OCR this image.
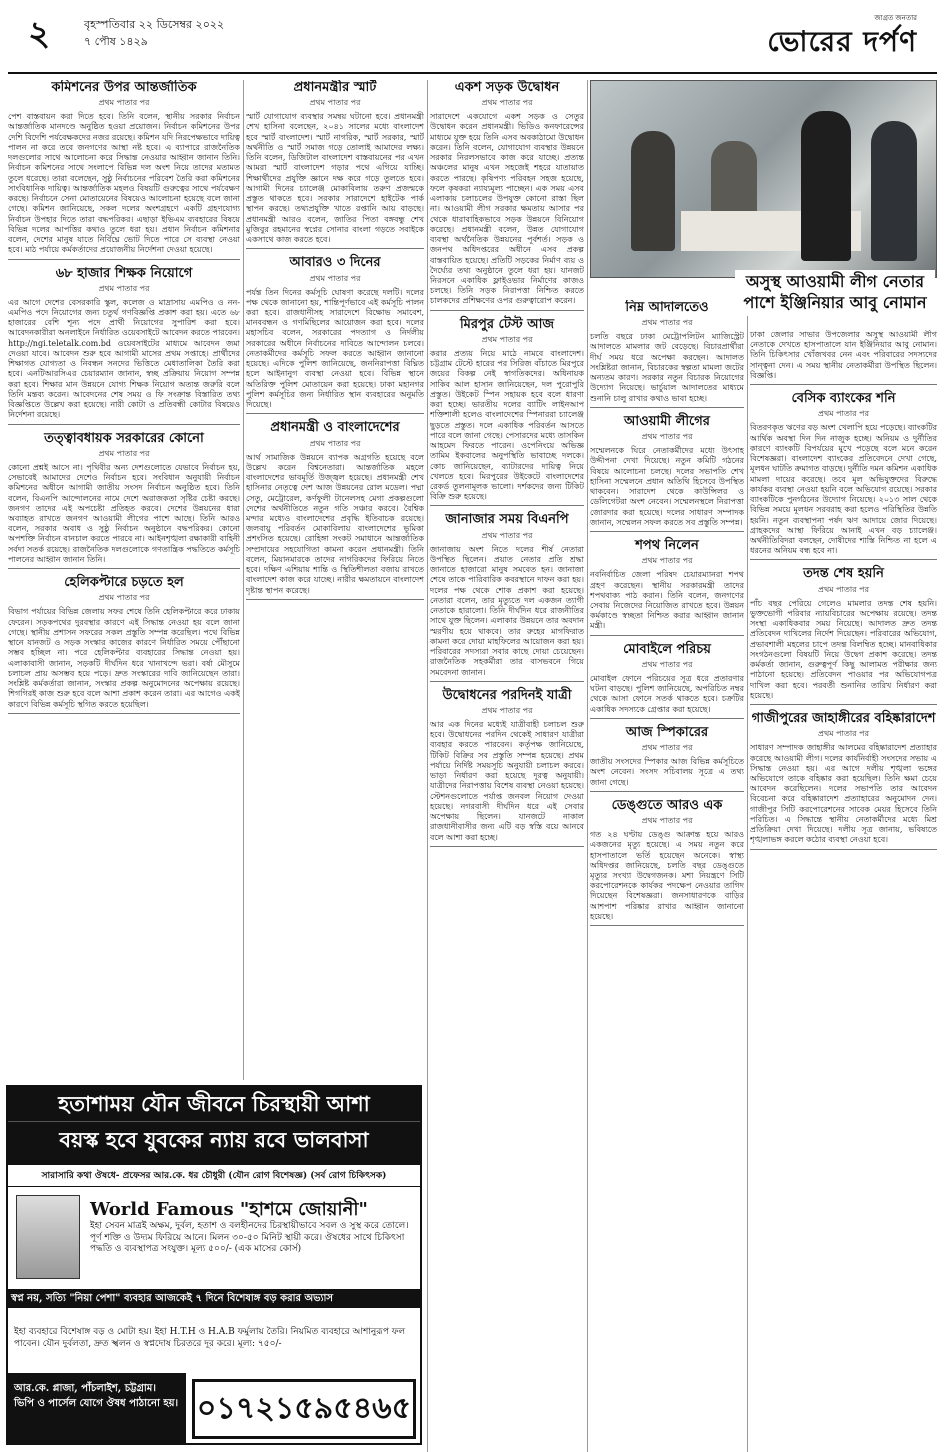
২	বৃহস্পতিবার ২২ ডিসেম্বর ২০২২
৭ পৌষ ১৪২৯
জাগ্রত জনতার
ভোরের দর্পণ
কমিশনের উপর আন্তর্জাতিক
প্রথম পাতার পর
পেশ বাস্তবায়ন করা দিতে হবে। তিনি বলেন, স্থানীয় সরকার নির্বাচন আন্তর্জাতিক মানদণ্ডে অনুষ্ঠিত হওয়া প্রয়োজন। নির্বাচন কমিশনের উপর দেশি বিদেশি পর্যবেক্ষকদের নজর রয়েছে। কমিশন যদি নিরপেক্ষভাবে দায়িত্ব পালন না করে তবে জনগণের আস্থা নষ্ট হবে। এ ব্যাপারে রাজনৈতিক দলগুলোর সাথে আলোচনা করে সিদ্ধান্ত নেওয়ার আহ্বান জানান তিনি। নির্বাচন কমিশনের সাথে সংলাপে বিভিন্ন দল অংশ নিয়ে তাদের মতামত তুলে ধরেছে। তারা বলেছেন, সুষ্ঠু নির্বাচনের পরিবেশ তৈরি করা কমিশনের সাংবিধানিক দায়িত্ব। আন্তর্জাতিক মহলও বিষয়টি গুরুত্বের সাথে পর্যবেক্ষণ করছে। নির্বাচনে সেনা মোতায়েনের বিষয়েও আলোচনা হয়েছে বলে জানা গেছে। কমিশন জানিয়েছে, সকল দলের অংশগ্রহণে একটি গ্রহণযোগ্য নির্বাচন উপহার দিতে তারা বদ্ধপরিকর। এছাড়া ইভিএম ব্যবহারের বিষয়ে বিভিন্ন দলের আপত্তির কথাও তুলে ধরা হয়। প্রধান নির্বাচন কমিশনার বলেন, দেশের মানুষ যাতে নির্বিঘ্নে ভোট দিতে পারে সে ব্যবস্থা নেওয়া হবে। মাঠ পর্যায়ে কর্মকর্তাদের প্রয়োজনীয় নির্দেশনা দেওয়া হয়েছে।
৬৮ হাজার শিক্ষক নিয়োগে
প্রথম পাতার পর
এর আগে দেশের বেসরকারি স্কুল, কলেজ ও মাদ্রাসায় এমপিও ও নন-এমপিও পদে নিয়োগের জন্য চতুর্থ গণবিজ্ঞপ্তি প্রকাশ করা হয়। এতে ৬৮ হাজারের বেশি শূন্য পদে প্রার্থী নিয়োগের সুপারিশ করা হবে। আবেদনকারীরা অনলাইনে নির্ধারিত ওয়েবসাইটে আবেদন করতে পারবেন। http://ngi.teletalk.com.bd ওয়েবসাইটের মাধ্যমে আবেদন জমা দেওয়া যাবে। আবেদন শুরু হবে আগামী মাসের প্রথম সপ্তাহে। প্রার্থীদের শিক্ষাগত যোগ্যতা ও নিবন্ধন সনদের ভিত্তিতে মেধাতালিকা তৈরি করা হবে। এনটিআরসিএর চেয়ারম্যান জানান, স্বচ্ছ প্রক্রিয়ায় নিয়োগ সম্পন্ন করা হবে। শিক্ষার মান উন্নয়নে যোগ্য শিক্ষক নিয়োগ অত্যন্ত জরুরি বলে তিনি মন্তব্য করেন। আবেদনের শেষ সময় ও ফি সংক্রান্ত বিস্তারিত তথ্য বিজ্ঞপ্তিতে উল্লেখ করা হয়েছে। নারী কোটা ও প্রতিবন্ধী কোটার বিষয়েও নির্দেশনা রয়েছে।
তত্ত্বাবধায়ক সরকারের কোনো
প্রথম পাতার পর
কোনো প্রশ্নই আসে না। পৃথিবীর অন্য দেশগুলোতে যেভাবে নির্বাচন হয়, সেভাবেই আমাদের দেশেও নির্বাচন হবে। সংবিধান অনুযায়ী নির্বাচন কমিশনের অধীনে আগামী জাতীয় সংসদ নির্বাচন অনুষ্ঠিত হবে। তিনি বলেন, বিএনপি আন্দোলনের নামে দেশে অরাজকতা সৃষ্টির চেষ্টা করছে। জনগণ তাদের এই অপচেষ্টা প্রতিহত করবে। দেশের উন্নয়নের ধারা অব্যাহত রাখতে জনগণ আওয়ামী লীগের পাশে আছে। তিনি আরও বলেন, সরকার অবাধ ও সুষ্ঠু নির্বাচন অনুষ্ঠানে বদ্ধপরিকর। কোনো অপশক্তি নির্বাচন বানচাল করতে পারবে না। আইনশৃঙ্খলা রক্ষাকারী বাহিনী সর্বদা সতর্ক রয়েছে। রাজনৈতিক দলগুলোকে গণতান্ত্রিক পদ্ধতিতে কর্মসূচি পালনের আহ্বান জানান তিনি।
হেলিকপ্টারে চড়তে হল
প্রথম পাতার পর
বিভাগ পর্যায়ের বিভিন্ন জেলায় সফর শেষে তিনি হেলিকপ্টারে করে ঢাকায় ফেরেন। সড়কপথের দুরবস্থার কারণে এই সিদ্ধান্ত নেওয়া হয় বলে জানা গেছে। স্থানীয় প্রশাসন সফরের সকল প্রস্তুতি সম্পন্ন করেছিল। পথে বিভিন্ন স্থানে যানজট ও সড়ক সংস্কার কাজের কারণে নির্ধারিত সময়ে পৌঁছানো সম্ভব হচ্ছিল না। পরে হেলিকপ্টার ব্যবহারের সিদ্ধান্ত নেওয়া হয়। এলাকাবাসী জানান, সড়কটি দীর্ঘদিন ধরে খানাখন্দে ভরা। বর্ষা মৌসুমে চলাচল প্রায় অসম্ভব হয়ে পড়ে। দ্রুত সংস্কারের দাবি জানিয়েছেন তারা। সংশ্লিষ্ট কর্মকর্তারা জানান, সংস্কার প্রকল্প অনুমোদনের অপেক্ষায় রয়েছে। শিগগিরই কাজ শুরু হবে বলে আশা প্রকাশ করেন তারা। এর আগেও একই কারণে বিভিন্ন কর্মসূচি স্থগিত করতে হয়েছিল।
প্রধানমন্ত্রীর স্মার্ট
প্রথম পাতার পর
স্মার্ট যোগাযোগ ব্যবস্থার সমন্বয় ঘটানো হবে। প্রধানমন্ত্রী শেখ হাসিনা বলেছেন, ২০৪১ সালের মধ্যে বাংলাদেশ হবে স্মার্ট বাংলাদেশ। স্মার্ট নাগরিক, স্মার্ট সরকার, স্মার্ট অর্থনীতি ও স্মার্ট সমাজ গড়ে তোলাই আমাদের লক্ষ্য। তিনি বলেন, ডিজিটাল বাংলাদেশ বাস্তবায়নের পর এখন আমরা স্মার্ট বাংলাদেশ গড়ার পথে এগিয়ে যাচ্ছি। শিক্ষার্থীদের প্রযুক্তি জ্ঞানে দক্ষ করে গড়ে তুলতে হবে। আগামী দিনের চ্যালেঞ্জ মোকাবিলায় তরুণ প্রজন্মকে প্রস্তুত থাকতে হবে। সরকার সারাদেশে হাইটেক পার্ক স্থাপন করছে। তথ্যপ্রযুক্তি খাতে রপ্তানি আয় বাড়ছে। প্রধানমন্ত্রী আরও বলেন, জাতির পিতা বঙ্গবন্ধু শেখ মুজিবুর রহমানের স্বপ্নের সোনার বাংলা গড়তে সবাইকে একসাথে কাজ করতে হবে।
আবারও ৩ দিনের
প্রথম পাতার পর
পর্যন্ত তিন দিনের কর্মসূচি ঘোষণা করেছে দলটি। দলের পক্ষ থেকে জানানো হয়, শান্তিপূর্ণভাবে এই কর্মসূচি পালন করা হবে। রাজধানীসহ সারাদেশে বিক্ষোভ সমাবেশ, মানববন্ধন ও গণমিছিলের আয়োজন করা হবে। দলের মহাসচিব বলেন, সরকারের পদত্যাগ ও নির্দলীয় সরকারের অধীনে নির্বাচনের দাবিতে আন্দোলন চলবে। নেতাকর্মীদের কর্মসূচি সফল করতে আহ্বান জানানো হয়েছে। এদিকে পুলিশ জানিয়েছে, জননিরাপত্তা বিঘ্নিত হলে আইনানুগ ব্যবস্থা নেওয়া হবে। বিভিন্ন স্থানে অতিরিক্ত পুলিশ মোতায়েন করা হয়েছে। ঢাকা মহানগর পুলিশ কর্মসূচির জন্য নির্ধারিত স্থান ব্যবহারের অনুমতি দিয়েছে।
প্রধানমন্ত্রী ও বাংলাদেশের
প্রথম পাতার পর
আর্থ সামাজিক উন্নয়নে ব্যাপক অগ্রগতি হয়েছে বলে উল্লেখ করেন বিশ্বনেতারা। আন্তর্জাতিক মহলে বাংলাদেশের ভাবমূর্তি উজ্জ্বল হয়েছে। প্রধানমন্ত্রী শেখ হাসিনার নেতৃত্বে দেশ আজ উন্নয়নের রোল মডেল। পদ্মা সেতু, মেট্রোরেল, কর্ণফুলী টানেলসহ মেগা প্রকল্পগুলো দেশের অর্থনীতিতে নতুন গতি সঞ্চার করবে। বৈশ্বিক মন্দার মধ্যেও বাংলাদেশের প্রবৃদ্ধি ইতিবাচক রয়েছে। জলবায়ু পরিবর্তন মোকাবিলায় বাংলাদেশের ভূমিকা প্রশংসিত হয়েছে। রোহিঙ্গা সংকট সমাধানে আন্তর্জাতিক সম্প্রদায়ের সহযোগিতা কামনা করেন প্রধানমন্ত্রী। তিনি বলেন, মিয়ানমারকে তাদের নাগরিকদের ফিরিয়ে নিতে হবে। দক্ষিণ এশিয়ায় শান্তি ও স্থিতিশীলতা বজায় রাখতে বাংলাদেশ কাজ করে যাচ্ছে। নারীর ক্ষমতায়নে বাংলাদেশ দৃষ্টান্ত স্থাপন করেছে।
একশ সড়ক উদ্বোধন
প্রথম পাতার পর
সারাদেশে একযোগে একশ সড়ক ও সেতুর উদ্বোধন করেন প্রধানমন্ত্রী। ভিডিও কনফারেন্সের মাধ্যমে যুক্ত হয়ে তিনি এসব অবকাঠামো উদ্বোধন করেন। তিনি বলেন, যোগাযোগ ব্যবস্থার উন্নয়নে সরকার নিরলসভাবে কাজ করে যাচ্ছে। প্রত্যন্ত অঞ্চলের মানুষ এখন সহজেই শহরে যাতায়াত করতে পারছে। কৃষিপণ্য পরিবহন সহজ হয়েছে, ফলে কৃষকরা ন্যায্যমূল্য পাচ্ছেন। এক সময় এসব এলাকায় চলাচলের উপযুক্ত কোনো রাস্তা ছিল না। আওয়ামী লীগ সরকার ক্ষমতায় আসার পর থেকে ধারাবাহিকভাবে সড়ক উন্নয়নে বিনিয়োগ করেছে। প্রধানমন্ত্রী বলেন, উন্নত যোগাযোগ ব্যবস্থা অর্থনৈতিক উন্নয়নের পূর্বশর্ত। সড়ক ও জনপথ অধিদপ্তরের অধীনে এসব প্রকল্প বাস্তবায়িত হয়েছে। প্রতিটি সড়কের নির্মাণ ব্যয় ও দৈর্ঘ্যের তথ্য অনুষ্ঠানে তুলে ধরা হয়। যানজট নিরসনে একাধিক ফ্লাইওভার নির্মাণের কাজও চলছে। তিনি সড়ক নিরাপত্তা নিশ্চিত করতে চালকদের প্রশিক্ষণের ওপর গুরুত্বারোপ করেন।
মিরপুর টেস্ট আজ
প্রথম পাতার পর
করার প্রত্যয় নিয়ে মাঠে নামবে বাংলাদেশ। চট্টগ্রাম টেস্টে হারের পর সিরিজ বাঁচাতে মিরপুরে জয়ের বিকল্প নেই স্বাগতিকদের। অধিনায়ক সাকিব আল হাসান জানিয়েছেন, দল পুরোপুরি প্রস্তুত। উইকেট স্পিন সহায়ক হবে বলে ধারণা করা হচ্ছে। ভারতীয় দলের ব্যাটিং লাইনআপ শক্তিশালী হলেও বাংলাদেশের স্পিনাররা চ্যালেঞ্জ ছুড়তে প্রস্তুত। দলে একাধিক পরিবর্তন আসতে পারে বলে জানা গেছে। পেসারদের মধ্যে তাসকিন আহমেদ ফিরতে পারেন। ওপেনিংয়ে অভিজ্ঞ তামিম ইকবালের অনুপস্থিতি ভাবাচ্ছে দলকে। কোচ জানিয়েছেন, ব্যাটারদের দায়িত্ব নিয়ে খেলতে হবে। মিরপুরের উইকেটে বাংলাদেশের রেকর্ড তুলনামূলক ভালো। দর্শকদের জন্য টিকিট বিক্রি শুরু হয়েছে।
জানাজার সময় বিএনপি
প্রথম পাতার পর
জানাজায় অংশ নিতে দলের শীর্ষ নেতারা উপস্থিত ছিলেন। প্রয়াত নেতার প্রতি শ্রদ্ধা জানাতে হাজারো মানুষ সমবেত হন। জানাজা শেষে তাকে পারিবারিক কবরস্থানে দাফন করা হয়। দলের পক্ষ থেকে শোক প্রকাশ করা হয়েছে। নেতারা বলেন, তার মৃত্যুতে দল একজন ত্যাগী নেতাকে হারালো। তিনি দীর্ঘদিন ধরে রাজনীতির সাথে যুক্ত ছিলেন। এলাকার উন্নয়নে তার অবদান স্মরণীয় হয়ে থাকবে। তার রুহের মাগফিরাত কামনা করে দোয়া মাহফিলের আয়োজন করা হয়। পরিবারের সদস্যরা সবার কাছে দোয়া চেয়েছেন। রাজনৈতিক সহকর্মীরা তার বাসভবনে গিয়ে সমবেদনা জানান।
উদ্বোধনের পরদিনই যাত্রী
প্রথম পাতার পর
আর এক দিনের মধ্যেই যাত্রীবাহী চলাচল শুরু হবে। উদ্বোধনের পরদিন থেকেই সাধারণ যাত্রীরা ব্যবহার করতে পারবেন। কর্তৃপক্ষ জানিয়েছে, টিকিট বিক্রির সব প্রস্তুতি সম্পন্ন হয়েছে। প্রথম পর্যায়ে নির্দিষ্ট সময়সূচি অনুযায়ী চলাচল করবে। ভাড়া নির্ধারণ করা হয়েছে দূরত্ব অনুযায়ী। যাত্রীদের নিরাপত্তায় বিশেষ ব্যবস্থা নেওয়া হয়েছে। স্টেশনগুলোতে পর্যাপ্ত জনবল নিয়োগ দেওয়া হয়েছে। নগরবাসী দীর্ঘদিন ধরে এই সেবার অপেক্ষায় ছিলেন। যানজটে নাকাল রাজধানীবাসীর জন্য এটি বড় স্বস্তি বয়ে আনবে বলে আশা করা হচ্ছে।
নিম্ন আদালতেও
প্রথম পাতার পর
চলতি বছরে ঢাকা মেট্রোপলিটন ম্যাজিস্ট্রেট আদালতে মামলার জট বেড়েছে। বিচারপ্রার্থীরা দীর্ঘ সময় ধরে অপেক্ষা করছেন। আদালত সংশ্লিষ্টরা জানান, বিচারকের স্বল্পতা মামলা জটের অন্যতম কারণ। সরকার নতুন বিচারক নিয়োগের উদ্যোগ নিয়েছে। ভার্চুয়াল আদালতের মাধ্যমে শুনানি চালু রাখার কথাও ভাবা হচ্ছে।
আওয়ামী লীগের
প্রথম পাতার পর
সম্মেলনকে ঘিরে নেতাকর্মীদের মধ্যে উৎসাহ উদ্দীপনা দেখা দিয়েছে। নতুন কমিটি গঠনের বিষয়ে আলোচনা চলছে। দলের সভাপতি শেখ হাসিনা সম্মেলনে প্রধান অতিথি হিসেবে উপস্থিত থাকবেন। সারাদেশ থেকে কাউন্সিলর ও ডেলিগেটরা অংশ নেবেন। সম্মেলনস্থলে নিরাপত্তা জোরদার করা হয়েছে। দলের সাধারণ সম্পাদক জানান, সম্মেলন সফল করতে সব প্রস্তুতি সম্পন্ন।
শপথ নিলেন
প্রথম পাতার পর
নবনির্বাচিত জেলা পরিষদ চেয়ারম্যানরা শপথ গ্রহণ করেছেন। স্থানীয় সরকারমন্ত্রী তাদের শপথবাক্য পাঠ করান। তিনি বলেন, জনগণের সেবায় নিজেদের নিয়োজিত রাখতে হবে। উন্নয়ন কর্মকাণ্ডে স্বচ্ছতা নিশ্চিত করার আহ্বান জানান মন্ত্রী।
মোবাইলে পরিচয়
প্রথম পাতার পর
মোবাইল ফোনে পরিচয়ের সূত্র ধরে প্রতারণার ঘটনা বাড়ছে। পুলিশ জানিয়েছে, অপরিচিত নম্বর থেকে আসা ফোনে সতর্ক থাকতে হবে। চক্রটির একাধিক সদস্যকে গ্রেপ্তার করা হয়েছে।
আজ স্পিকারের
প্রথম পাতার পর
জাতীয় সংসদের স্পিকার আজ বিভিন্ন কর্মসূচিতে অংশ নেবেন। সংসদ সচিবালয় সূত্রে এ তথ্য জানা গেছে।
ডেঙ্গুতে আরও এক
প্রথম পাতার পর
গত ২৪ ঘণ্টায় ডেঙ্গু আক্রান্ত হয়ে আরও একজনের মৃত্যু হয়েছে। এ সময় নতুন করে হাসপাতালে ভর্তি হয়েছেন অনেকে। স্বাস্থ্য অধিদপ্তর জানিয়েছে, চলতি বছর ডেঙ্গুতে মৃত্যুর সংখ্যা উদ্বেগজনক। মশা নিয়ন্ত্রণে সিটি করপোরেশনকে কার্যকর পদক্ষেপ নেওয়ার তাগিদ দিয়েছেন বিশেষজ্ঞরা। জনসাধারণকে বাড়ির আশপাশ পরিষ্কার রাখার আহ্বান জানানো হয়েছে।
ঢাকা জেলার সাভার উপজেলার অসুস্থ আওয়ামী লীগ নেতাকে দেখতে হাসপাতালে যান ইঞ্জিনিয়ার আবু নোমান। তিনি চিকিৎসার খোঁজখবর নেন এবং পরিবারের সদস্যদের সান্ত্বনা দেন। এ সময় স্থানীয় নেতাকর্মীরা উপস্থিত ছিলেন। বিজ্ঞপ্তি।
বেসিক ব্যাংকের শনি
প্রথম পাতার পর
বিতরণকৃত ঋণের বড় অংশ খেলাপি হয়ে পড়েছে। ব্যাংকটির আর্থিক অবস্থা দিন দিন নাজুক হচ্ছে। অনিয়ম ও দুর্নীতির কারণে ব্যাংকটি বিপর্যয়ের মুখে পড়েছে বলে মনে করেন বিশেষজ্ঞরা। বাংলাদেশ ব্যাংকের প্রতিবেদনে দেখা গেছে, মূলধন ঘাটতি ক্রমাগত বাড়ছে। দুর্নীতি দমন কমিশন একাধিক মামলা দায়ের করেছে। তবে মূল অভিযুক্তদের বিরুদ্ধে কার্যকর ব্যবস্থা নেওয়া হয়নি বলে অভিযোগ রয়েছে। সরকার ব্যাংকটিকে পুনর্গঠনের উদ্যোগ নিয়েছে। ২০১৩ সাল থেকে বিভিন্ন সময়ে মূলধন সরবরাহ করা হলেও পরিস্থিতির উন্নতি হয়নি। নতুন ব্যবস্থাপনা পর্ষদ ঋণ আদায়ে জোর দিয়েছে। গ্রাহকদের আস্থা ফিরিয়ে আনাই এখন বড় চ্যালেঞ্জ। অর্থনীতিবিদরা বলছেন, দোষীদের শাস্তি নিশ্চিত না হলে এ ধরনের অনিয়ম বন্ধ হবে না।
তদন্ত শেষ হয়নি
প্রথম পাতার পর
পাঁচ বছর পেরিয়ে গেলেও মামলার তদন্ত শেষ হয়নি। ভুক্তভোগী পরিবার ন্যায়বিচারের অপেক্ষায় রয়েছে। তদন্ত সংস্থা একাধিকবার সময় নিয়েছে। আদালত দ্রুত তদন্ত প্রতিবেদন দাখিলের নির্দেশ দিয়েছেন। পরিবারের অভিযোগ, প্রভাবশালী মহলের চাপে তদন্ত বিলম্বিত হচ্ছে। মানবাধিকার সংগঠনগুলো বিষয়টি নিয়ে উদ্বেগ প্রকাশ করেছে। তদন্ত কর্মকর্তা জানান, গুরুত্বপূর্ণ কিছু আলামত পরীক্ষার জন্য পাঠানো হয়েছে। প্রতিবেদন পাওয়ার পর অভিযোগপত্র দাখিল করা হবে। পরবর্তী শুনানির তারিখ নির্ধারণ করা হয়েছে।
গাজীপুরের জাহাঙ্গীরের বহিষ্কারাদেশ
প্রথম পাতার পর
সাধারণ সম্পাদক জাহাঙ্গীর আলমের বহিষ্কারাদেশ প্রত্যাহার করেছে আওয়ামী লীগ। দলের কার্যনির্বাহী সংসদের সভায় এ সিদ্ধান্ত নেওয়া হয়। এর আগে দলীয় শৃঙ্খলা ভঙ্গের অভিযোগে তাকে বহিষ্কার করা হয়েছিল। তিনি ক্ষমা চেয়ে আবেদন করেছিলেন। দলের সভাপতি তার আবেদন বিবেচনা করে বহিষ্কারাদেশ প্রত্যাহারের অনুমোদন দেন। গাজীপুর সিটি করপোরেশনের সাবেক মেয়র হিসেবে তিনি পরিচিত। এ সিদ্ধান্তে স্থানীয় নেতাকর্মীদের মধ্যে মিশ্র প্রতিক্রিয়া দেখা দিয়েছে। দলীয় সূত্র জানায়, ভবিষ্যতে শৃঙ্খলাভঙ্গ করলে কঠোর ব্যবস্থা নেওয়া হবে।
অসুস্থ আওয়ামী লীগ নেতার পাশে ইঞ্জিনিয়ার আবু নোমান
হতাশাময় যৌন জীবনে চিরস্থায়ী আশা
বয়স্ক হবে যুবকের ন্যায় রবে ভালবাসা
সারাসারি কথা ঔষধে- প্রফেসর আর.কে. ধর চৌধুরী (যৌন রোগ বিশেষজ্ঞ) (সর্ব রোগ চিকিৎসক)
World Famous "হাশমে জোয়ানী"
ইহা সেবন মাত্রই অক্ষম, দুর্বল, হতাশ ও বলহীনদের চিরস্থায়ীভাবে সবল ও সুস্থ করে তোলে। পূর্ণ শক্তি ও উদ্যম ফিরিয়ে আনে। মিলন ৩০-৫০ মিনিট স্থায়ী করে। ঔষধের সাথে চিকিৎসা পদ্ধতি ও ব্যবস্থাপত্র সংযুক্ত। মূল্য ৫০০/- (এক মাসের কোর্স)
স্বপ্ন নয়, সত্যি "নিয়া পেশা" ব্যবহার আজকেই ৭ দিনে বিশেষাঙ্গ বড় করার অভ্যাস
ইহা ব্যবহারে বিশেষাঙ্গ বড় ও মোটা হয়। ইহা H.T.H ও H.A.B ফর্মুলায় তৈরি। নিয়মিত ব্যবহারে আশানুরূপ ফল পাবেন। যৌন দুর্বলতা, দ্রুত স্খলন ও স্বপ্নদোষ চিরতরে দূর করে। মূল্য: ৭৫০/-
আর.কে. প্লাজা, পাঁচলাইশ, চট্টগ্রাম।
ভিপি ও পার্সেল যোগে ঔষধ পাঠানো হয়। ০১৭২১৫৯৫৪৬৫
